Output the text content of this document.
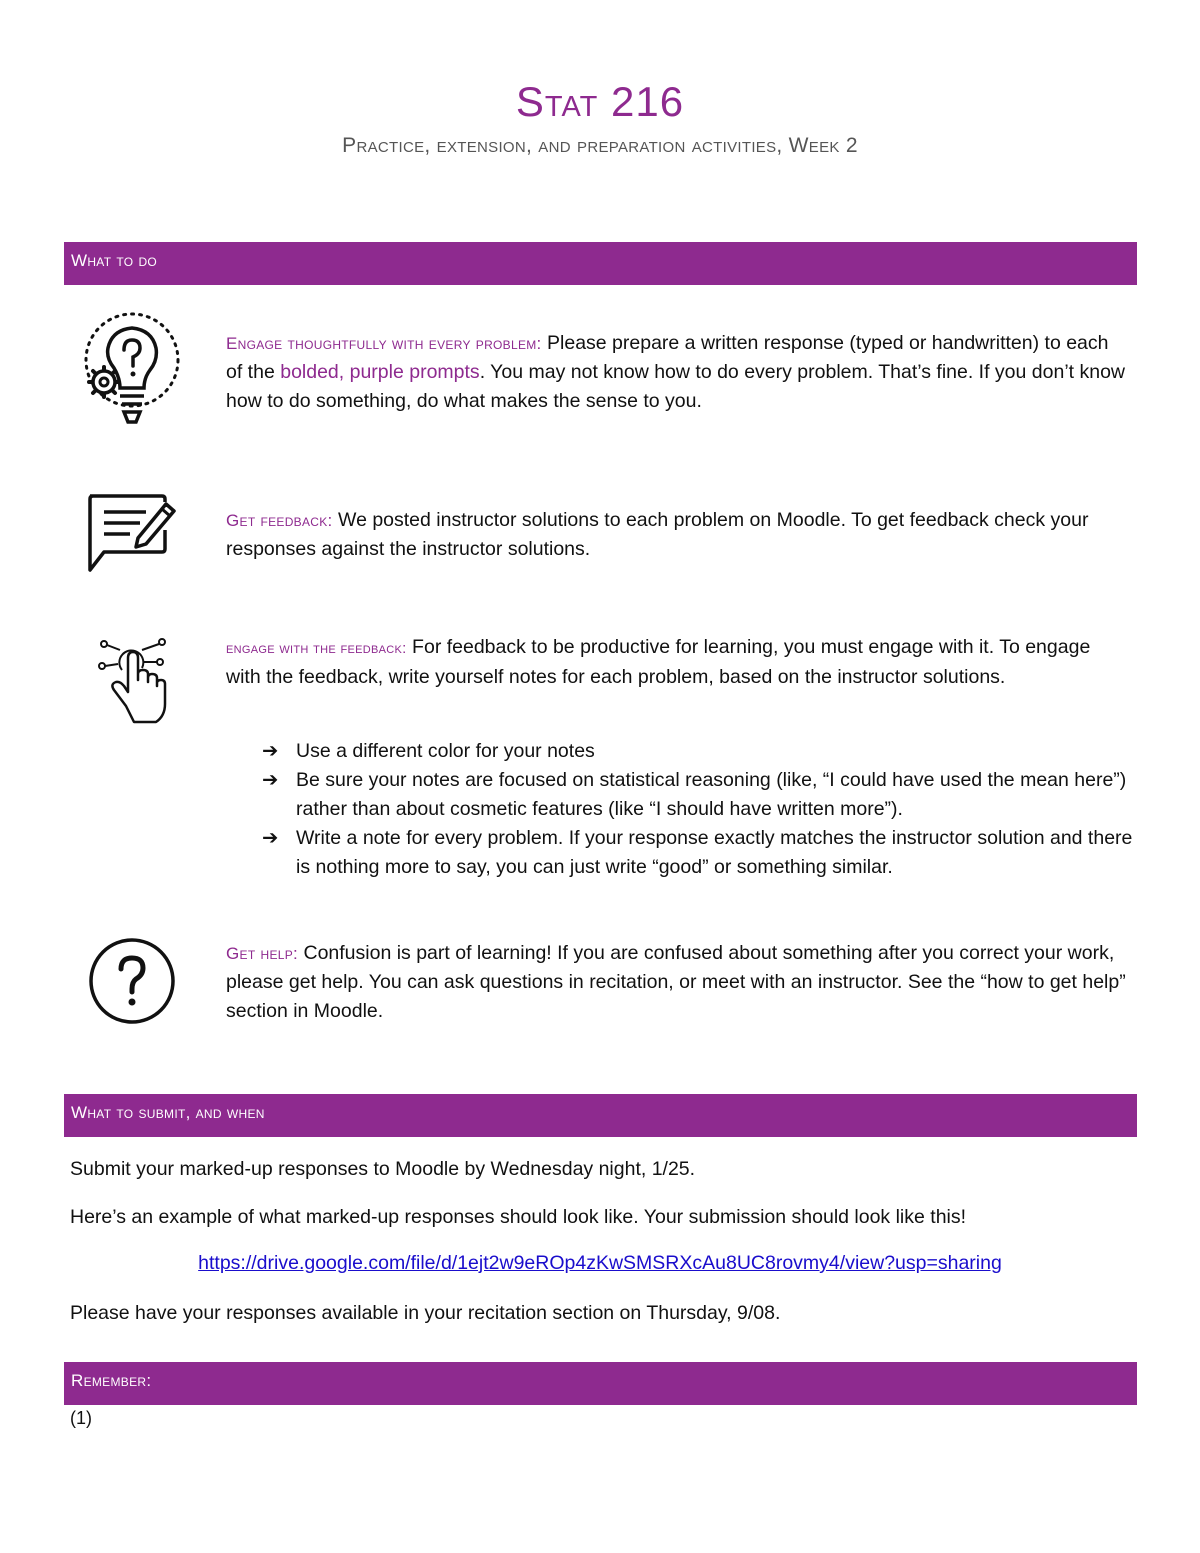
Stat 216
Practice, extension, and preparation activities, Week 2
What to do
Engage thoughtfully with every problem: Please prepare a written response (typed or handwritten) to each of the bolded, purple prompts. You may not know how to do every problem. That’s fine. If you don’t know how to do something, do what makes the sense to you.
Get feedback: We posted instructor solutions to each problem on Moodle. To get feedback check your responses against the instructor solutions.
engage with the feedback: For feedback to be productive for learning, you must engage with it. To engage with the feedback, write yourself notes for each problem, based on the instructor solutions.
➔ Use a different color for your notes
➔ Be sure your notes are focused on statistical reasoning (like, “I could have used the mean here”) rather than about cosmetic features (like “I should have written more”).
➔ Write a note for every problem. If your response exactly matches the instructor solution and there is nothing more to say, you can just write “good” or something similar.
Get help: Confusion is part of learning! If you are confused about something after you correct your work, please get help. You can ask questions in recitation, or meet with an instructor. See the “how to get help” section in Moodle.
What to submit, and when
Submit your marked-up responses to Moodle by Wednesday night, 1/25.
Here’s an example of what marked-up responses should look like. Your submission should look like this!
https://drive.google.com/file/d/1ejt2w9eROp4zKwSMSRXcAu8UC8rovmy4/view?usp=sharing
Please have your responses available in your recitation section on Thursday, 9/08.
Remember:
(1)
